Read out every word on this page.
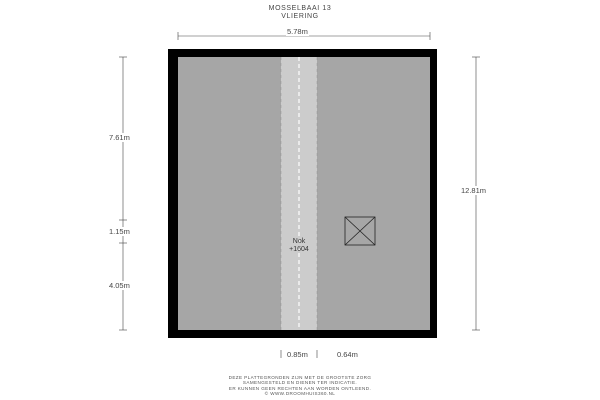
MOSSELBAAI 13
VLIERING
5.78m
7.61m
1.15m
4.05m
12.81m
0.85m	0.64m
Nok
+1604
DEZE PLATTEGRONDEN ZIJN MET DE GROOTSTE ZORG
SAMENGESTELD EN DIENEN TER INDICATIE.
ER KUNNEN GEEN RECHTEN AAN WORDEN ONTLEEND.
© WWW.DROOMHUIS360.NL
